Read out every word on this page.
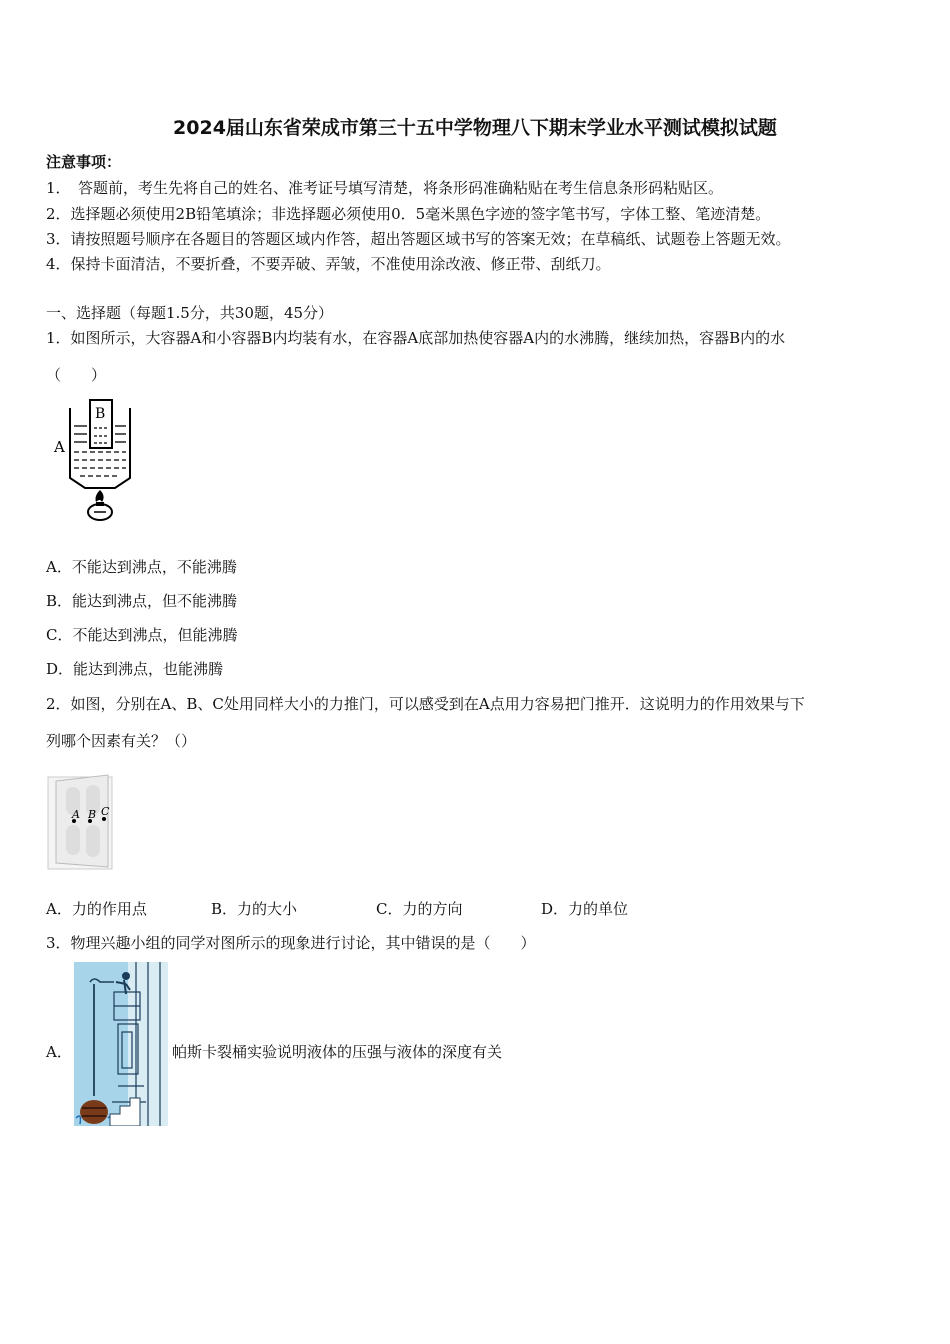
2024届山东省荣成市第三十五中学物理八下期末学业水平测试模拟试题
注意事项：
1．　答题前，考生先将自己的姓名、准考证号填写清楚，将条形码准确粘贴在考生信息条形码粘贴区。
2．选择题必须使用2B铅笔填涂；非选择题必须使用0．5毫米黑色字迹的签字笔书写，字体工整、笔迹清楚。
3．请按照题号顺序在各题目的答题区域内作答，超出答题区域书写的答案无效；在草稿纸、试题卷上答题无效。
4．保持卡面清洁，不要折叠，不要弄破、弄皱，不准使用涂改液、修正带、刮纸刀。
一、选择题（每题1.5分，共30题，45分）
1．如图所示，大容器A和小容器B内均装有水，在容器A底部加热使容器A内的水沸腾，继续加热，容器B内的水
（　　）
A
B
A．不能达到沸点，不能沸腾
B．能达到沸点，但不能沸腾
C．不能达到沸点，但能沸腾
D．能达到沸点，也能沸腾
2．如图，分别在A、B、C处用同样大小的力推门，可以感受到在A点用力容易把门推开．这说明力的作用效果与下
列哪个因素有关？（）
A B C
A．力的作用点	B．力的大小	C．力的方向	D．力的单位
3．物理兴趣小组的同学对图所示的现象进行讨论，其中错误的是（　　）
A．	帕斯卡裂桶实验说明液体的压强与液体的深度有关
